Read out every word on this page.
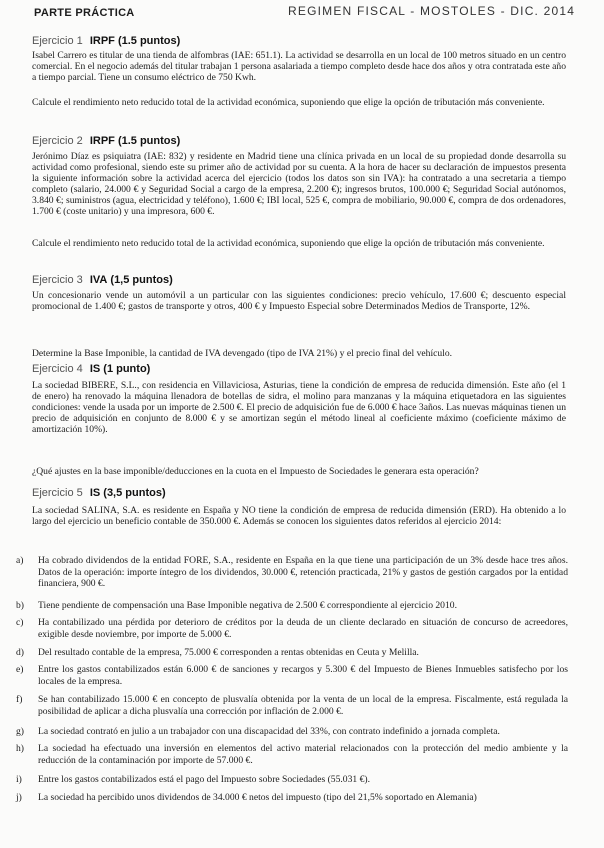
PARTE PRÁCTICA	REGIMEN FISCAL - MOSTOLES - DIC. 2014
Ejercicio 1 IRPF (1.5 puntos)

Isabel Carrero es titular de una tienda de alfombras (IAE: 651.1). La actividad se desarrolla en un local de 100 metros situado en un centro comercial. En el negocio además del titular trabajan 1 persona asalariada a tiempo completo desde hace dos años y otra contratada este año a tiempo parcial. Tiene un consumo eléctrico de 750 Kwh.

Calcule el rendimiento neto reducido total de la actividad económica, suponiendo que elige la opción de tributación más conveniente.

Ejercicio 2 IRPF (1.5 puntos)

Jerónimo Díaz es psiquiatra (IAE: 832) y residente en Madrid tiene una clínica privada en un local de su propiedad donde desarrolla su actividad como profesional, siendo este su primer año de actividad por su cuenta. A la hora de hacer su declaración de impuestos presenta la siguiente información sobre la actividad acerca del ejercicio (todos los datos son sin IVA): ha contratado a una secretaria a tiempo completo (salario, 24.000 € y Seguridad Social a cargo de la empresa, 2.200 €); ingresos brutos, 100.000 €; Seguridad Social autónomos, 3.840 €; suministros (agua, electricidad y teléfono), 1.600 €; IBI local, 525 €, compra de mobiliario, 90.000 €, compra de dos ordenadores, 1.700 € (coste unitario) y una impresora, 600 €.

Calcule el rendimiento neto reducido total de la actividad económica, suponiendo que elige la opción de tributación más conveniente.

Ejercicio 3 IVA (1,5 puntos)

Un concesionario vende un automóvil a un particular con las siguientes condiciones: precio vehículo, 17.600 €; descuento especial promocional de 1.400 €; gastos de transporte y otros, 400 € y Impuesto Especial sobre Determinados Medios de Transporte, 12%.

Determine la Base Imponible, la cantidad de IVA devengado (tipo de IVA 21%) y el precio final del vehículo.

Ejercicio 4 IS (1 punto)

La sociedad BIBERE, S.L., con residencia en Villaviciosa, Asturias, tiene la condición de empresa de reducida dimensión. Este año (el 1 de enero) ha renovado la máquina llenadora de botellas de sidra, el molino para manzanas y la máquina etiquetadora en las siguientes condiciones: vende la usada por un importe de 2.500 €. El precio de adquisición fue de 6.000 € hace 3años. Las nuevas máquinas tienen un precio de adquisición en conjunto de 8.000 € y se amortizan según el método lineal al coeficiente máximo (coeficiente máximo de amortización 10%).

¿Qué ajustes en la base imponible/deducciones en la cuota en el Impuesto de Sociedades le generara esta operación?

Ejercicio 5 IS (3,5 puntos)

La sociedad SALINA, S.A. es residente en España y NO tiene la condición de empresa de reducida dimensión (ERD). Ha obtenido a lo largo del ejercicio un beneficio contable de 350.000 €. Además se conocen los siguientes datos referidos al ejercicio 2014:

a)	Ha cobrado dividendos de la entidad FORE, S.A., residente en España en la que tiene una participación de un 3% desde hace tres años. Datos de la operación: importe íntegro de los dividendos, 30.000 €, retención practicada, 21% y gastos de gestión cargados por la entidad financiera, 900 €.
b)	Tiene pendiente de compensación una Base Imponible negativa de 2.500 € correspondiente al ejercicio 2010.
c)	Ha contabilizado una pérdida por deterioro de créditos por la deuda de un cliente declarado en situación de concurso de acreedores, exigible desde noviembre, por importe de 5.000 €.
d)	Del resultado contable de la empresa, 75.000 € corresponden a rentas obtenidas en Ceuta y Melilla.
e)	Entre los gastos contabilizados están 6.000 € de sanciones y recargos y 5.300 € del Impuesto de Bienes Inmuebles satisfecho por los locales de la empresa.
f)	Se han contabilizado 15.000 € en concepto de plusvalía obtenida por la venta de un local de la empresa. Fiscalmente, está regulada la posibilidad de aplicar a dicha plusvalía una corrección por inflación de 2.000 €.
g)	La sociedad contrató en julio a un trabajador con una discapacidad del 33%, con contrato indefinido a jornada completa.
h)	La sociedad ha efectuado una inversión en elementos del activo material relacionados con la protección del medio ambiente y la reducción de la contaminación por importe de 57.000 €.
i)	Entre los gastos contabilizados está el pago del Impuesto sobre Sociedades (55.031 €).
j)	La sociedad ha percibido unos dividendos de 34.000 € netos del impuesto (tipo del 21,5% soportado en Alemania)
